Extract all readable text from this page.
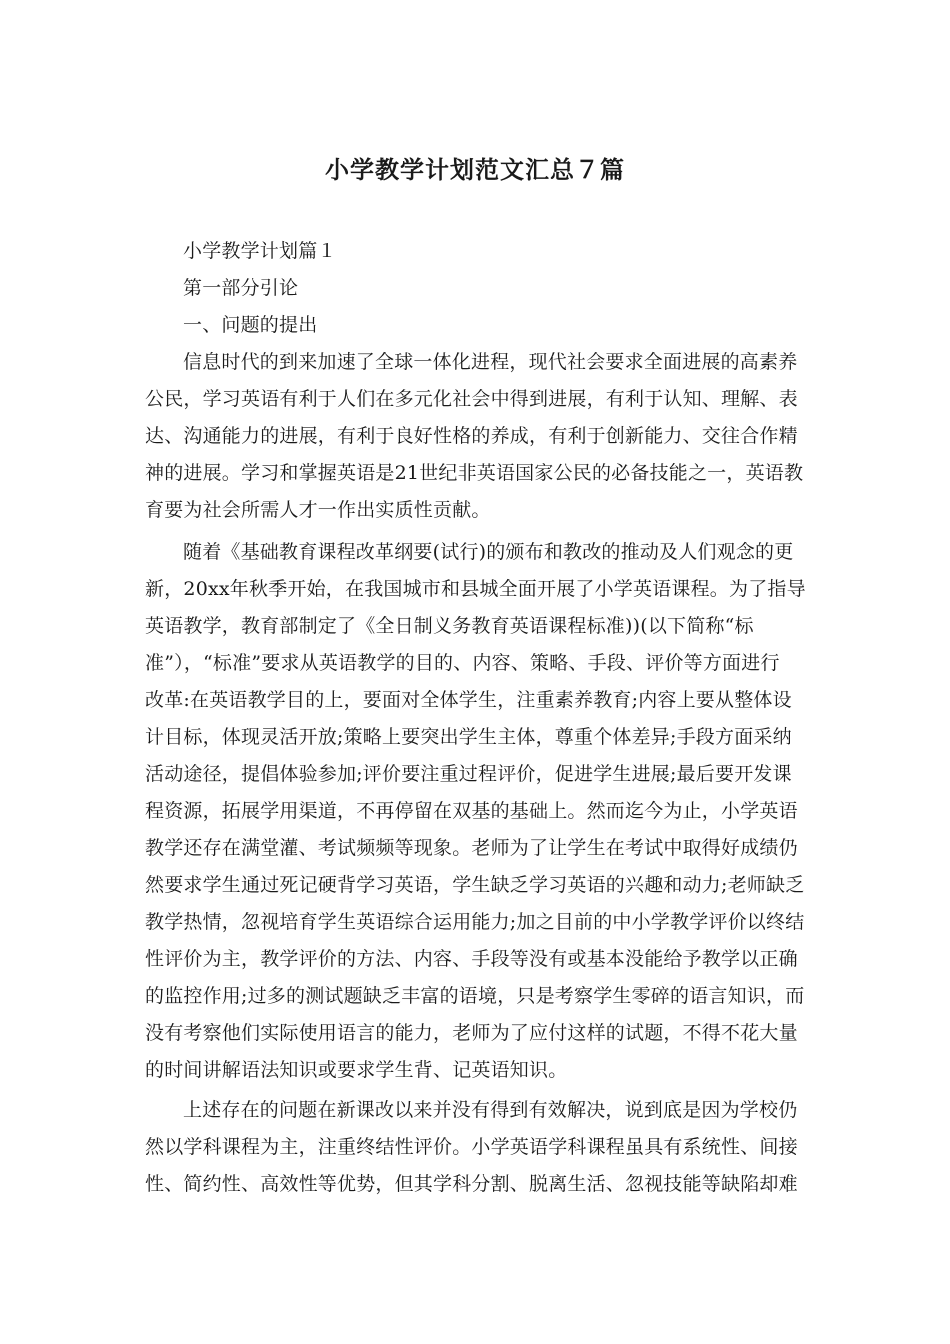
小学教学计划范文汇总７篇
小学教学计划篇１
第一部分引论
一、问题的提出
信息时代的到来加速了全球一体化进程，现代社会要求全面进展的高素养
公民，学习英语有利于人们在多元化社会中得到进展，有利于认知、理解、表
达、沟通能力的进展，有利于良好性格的养成，有利于创新能力、交往合作精
神的进展。学习和掌握英语是21世纪非英语国家公民的必备技能之一，英语教
育要为社会所需人才一作出实质性贡献。
随着《基础教育课程改革纲要(试行)的颁布和教改的推动及人们观念的更
新，20xx年秋季开始，在我国城市和县城全面开展了小学英语课程。为了指导
英语教学，教育部制定了《全日制义务教育英语课程标准))(以下简称“标
准”），“标准”要求从英语教学的目的、内容、策略、手段、评价等方面进行
改革:在英语教学目的上，要面对全体学生，注重素养教育;内容上要从整体设
计目标，体现灵活开放;策略上要突出学生主体，尊重个体差异;手段方面采纳
活动途径，提倡体验参加;评价要注重过程评价，促进学生进展;最后要开发课
程资源，拓展学用渠道，不再停留在双基的基础上。然而迄今为止，小学英语
教学还存在满堂灌、考试频频等现象。老师为了让学生在考试中取得好成绩仍
然要求学生通过死记硬背学习英语，学生缺乏学习英语的兴趣和动力;老师缺乏
教学热情，忽视培育学生英语综合运用能力;加之目前的中小学教学评价以终结
性评价为主，教学评价的方法、内容、手段等没有或基本没能给予教学以正确
的监控作用;过多的测试题缺乏丰富的语境，只是考察学生零碎的语言知识，而
没有考察他们实际使用语言的能力，老师为了应付这样的试题，不得不花大量
的时间讲解语法知识或要求学生背、记英语知识。
上述存在的问题在新课改以来并没有得到有效解决，说到底是因为学校仍
然以学科课程为主，注重终结性评价。小学英语学科课程虽具有系统性、间接
性、简约性、高效性等优势，但其学科分割、脱离生活、忽视技能等缺陷却难
